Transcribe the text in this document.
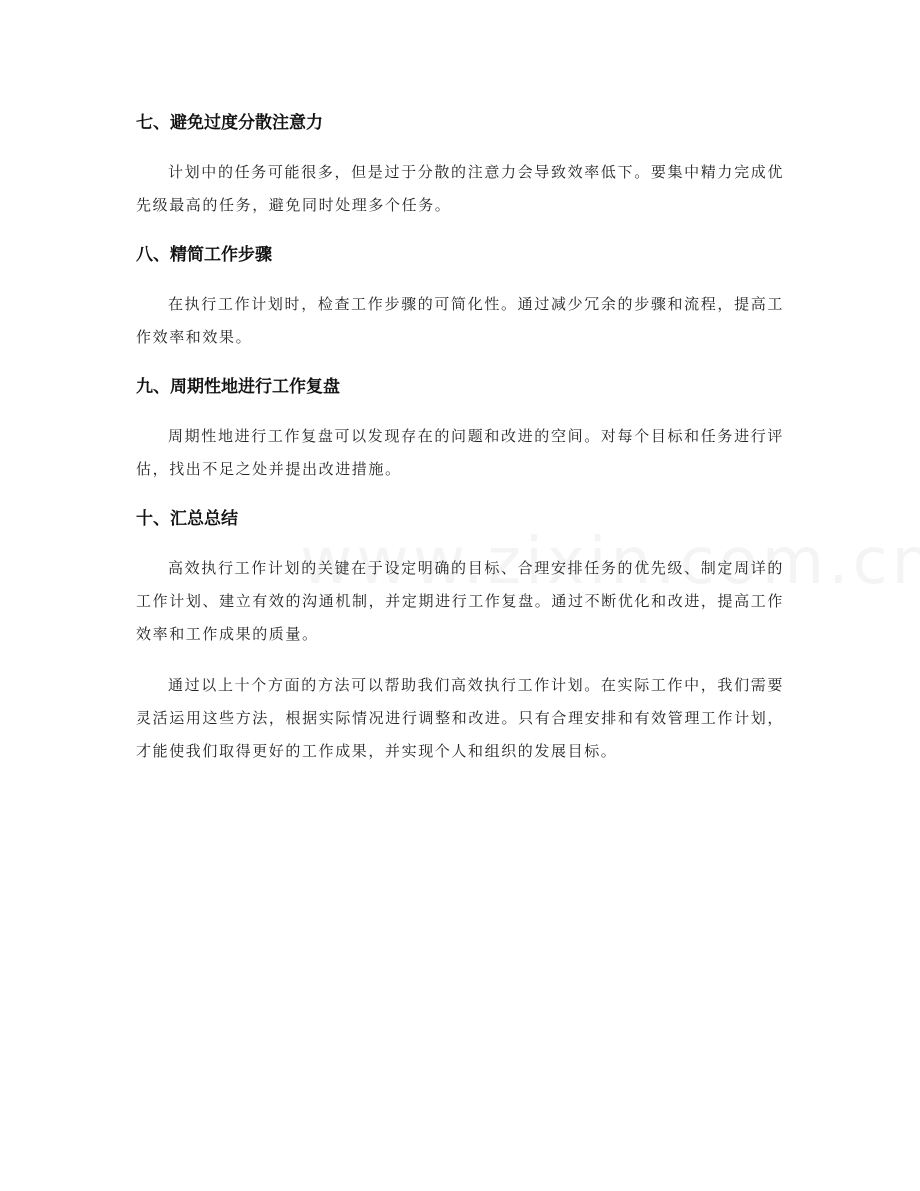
七、避免过度分散注意力

计划中的任务可能很多，但是过于分散的注意力会导致效率低下。要集中精力完成优先级最高的任务，避免同时处理多个任务。

八、精简工作步骤

在执行工作计划时，检查工作步骤的可简化性。通过减少冗余的步骤和流程，提高工作效率和效果。

九、周期性地进行工作复盘

周期性地进行工作复盘可以发现存在的问题和改进的空间。对每个目标和任务进行评估，找出不足之处并提出改进措施。

十、汇总总结

高效执行工作计划的关键在于设定明确的目标、合理安排任务的优先级、制定周详的工作计划、建立有效的沟通机制，并定期进行工作复盘。通过不断优化和改进，提高工作效率和工作成果的质量。

通过以上十个方面的方法可以帮助我们高效执行工作计划。在实际工作中，我们需要灵活运用这些方法，根据实际情况进行调整和改进。只有合理安排和有效管理工作计划，才能使我们取得更好的工作成果，并实现个人和组织的发展目标。
